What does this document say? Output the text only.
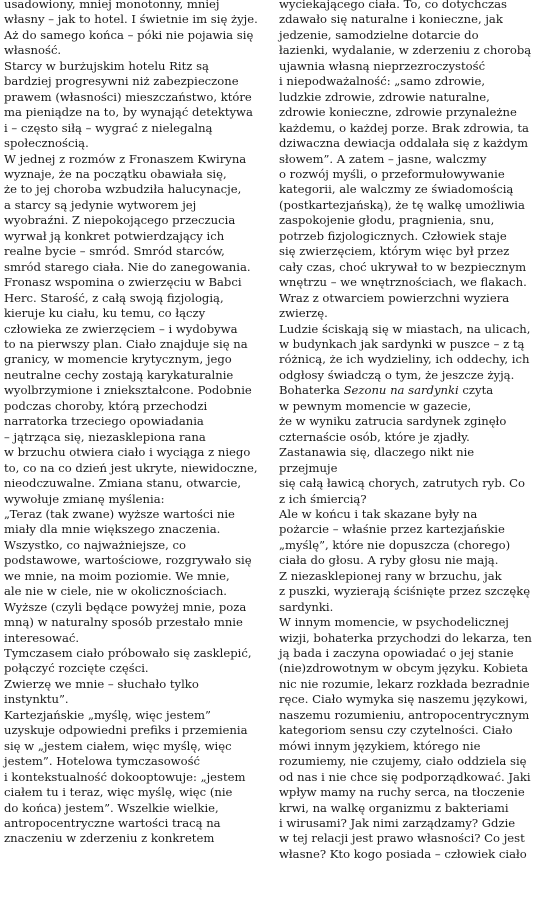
usadowiony, mniej monotonny, mniej
własny – jak to hotel. I świetnie im się żyje.
Aż do samego końca – póki nie pojawia się
własność.

Starcy w burżujskim hotelu Ritz są
bardziej progresywni niż zabezpieczone
prawem (własności) mieszczaństwo, które
ma pieniądze na to, by wynająć detektywa
i – często siłą – wygrać z nielegalną
społecznością.

W jednej z rozmów z Fronaszem Kwiryna
wyznaje, że na początku obawiała się,
że to jej choroba wzbudziła halucynacje,
a starcy są jedynie wytworem jej
wyobraźni. Z niepokojącego przeczucia
wyrwał ją konkret potwierdzający ich
realne bycie – smród. Smród starców,
smród starego ciała. Nie do zanegowania.
Fronasz wspomina o zwierzęciu w Babci
Herc. Starość, z całą swoją fizjologią,
kieruje ku ciału, ku temu, co łączy
człowieka ze zwierzęciem – i wydobywa
to na pierwszy plan. Ciało znajduje się na
granicy, w momencie krytycznym, jego
neutralne cechy zostają karykaturalnie
wyolbrzymione i zniekształcone. Podobnie
podczas choroby, którą przechodzi
narratorka trzeciego opowiadania
– jątrząca się, niezasklepiona rana
w brzuchu otwiera ciało i wyciąga z niego
to, co na co dzień jest ukryte, niewidoczne,
nieodczuwalne. Zmiana stanu, otwarcie,
wywołuje zmianę myślenia:

„Teraz (tak zwane) wyższe wartości nie
miały dla mnie większego znaczenia.
Wszystko, co najważniejsze, co
podstawowe, wartościowe, rozgrywało się
we mnie, na moim poziomie. We mnie,
ale nie w ciele, nie w okolicznościach.
Wyższe (czyli będące powyżej mnie, poza
mną) w naturalny sposób przestało mnie
interesować.

Tymczasem ciało próbowało się zasklepić,
połączyć rozcięte części.

Zwierzę we mnie – słuchało tylko
instynktu”.

Kartezjańskie „myślę, więc jestem”
uzyskuje odpowiedni prefiks i przemienia
się w „jestem ciałem, więc myślę, więc
jestem”. Hotelowa tymczasowość
i kontekstualność dokooptowuje: „jestem
ciałem tu i teraz, więc myślę, więc (nie
do końca) jestem”. Wszelkie wielkie,
antropocentryczne wartości tracą na
znaczeniu w zderzeniu z konkretem

wyciekającego ciała. To, co dotychczas
zdawało się naturalne i konieczne, jak
jedzenie, samodzielne dotarcie do
łazienki, wydalanie, w zderzeniu z chorobą
ujawnia własną nieprzezroczystość
i niepodważalność: „samo zdrowie,
ludzkie zdrowie, zdrowie naturalne,
zdrowie konieczne, zdrowie przynależne
każdemu, o każdej porze. Brak zdrowia, ta
dziwaczna dewiacja oddalała się z każdym
słowem”. A zatem – jasne, walczmy
o rozwój myśli, o przeformułowywanie
kategorii, ale walczmy ze świadomością
(postkartezjańską), że tę walkę umożliwia
zaspokojenie głodu, pragnienia, snu,
potrzeb fizjologicznych. Człowiek staje
się zwierzęciem, którym więc był przez
cały czas, choć ukrywał to w bezpiecznym
wnętrzu – we wnętrznościach, we flakach.
Wraz z otwarciem powierzchni wyziera
zwierzę.

Ludzie ściskają się w miastach, na ulicach,
w budynkach jak sardynki w puszce – z tą
różnicą, że ich wydzieliny, ich oddechy, ich
odgłosy świadczą o tym, że jeszcze żyją.

Bohaterka Sezonu na sardynki czyta
w pewnym momencie w gazecie,
że w wyniku zatrucia sardynek zginęło
czternaście osób, które je zjadły.
Zastanawia się, dlaczego nikt nie przejmuje
się całą ławicą chorych, zatrutych ryb. Co
z ich śmiercią?

Ale w końcu i tak skazane były na
pożarcie – właśnie przez kartezjańskie
„myślę”, które nie dopuszcza (chorego)
ciała do głosu. A ryby głosu nie mają.
Z niezasklepionej rany w brzuchu, jak
z puszki, wyzierają ściśnięte przez szczękę
sardynki.

W innym momencie, w psychodelicznej
wizji, bohaterka przychodzi do lekarza, ten
ją bada i zaczyna opowiadać o jej stanie
(nie)zdrowotnym w obcym języku. Kobieta
nic nie rozumie, lekarz rozkłada bezradnie
ręce. Ciało wymyka się naszemu językowi,
naszemu rozumieniu, antropocentrycznym
kategoriom sensu czy czytelności. Ciało
mówi innym językiem, którego nie
rozumiemy, nie czujemy, ciało oddziela się
od nas i nie chce się podporządkować. Jaki
wpływ mamy na ruchy serca, na tłoczenie
krwi, na walkę organizmu z bakteriami
i wirusami? Jak nimi zarządzamy? Gdzie
w tej relacji jest prawo własności? Co jest
własne? Kto kogo posiada – człowiek ciało
